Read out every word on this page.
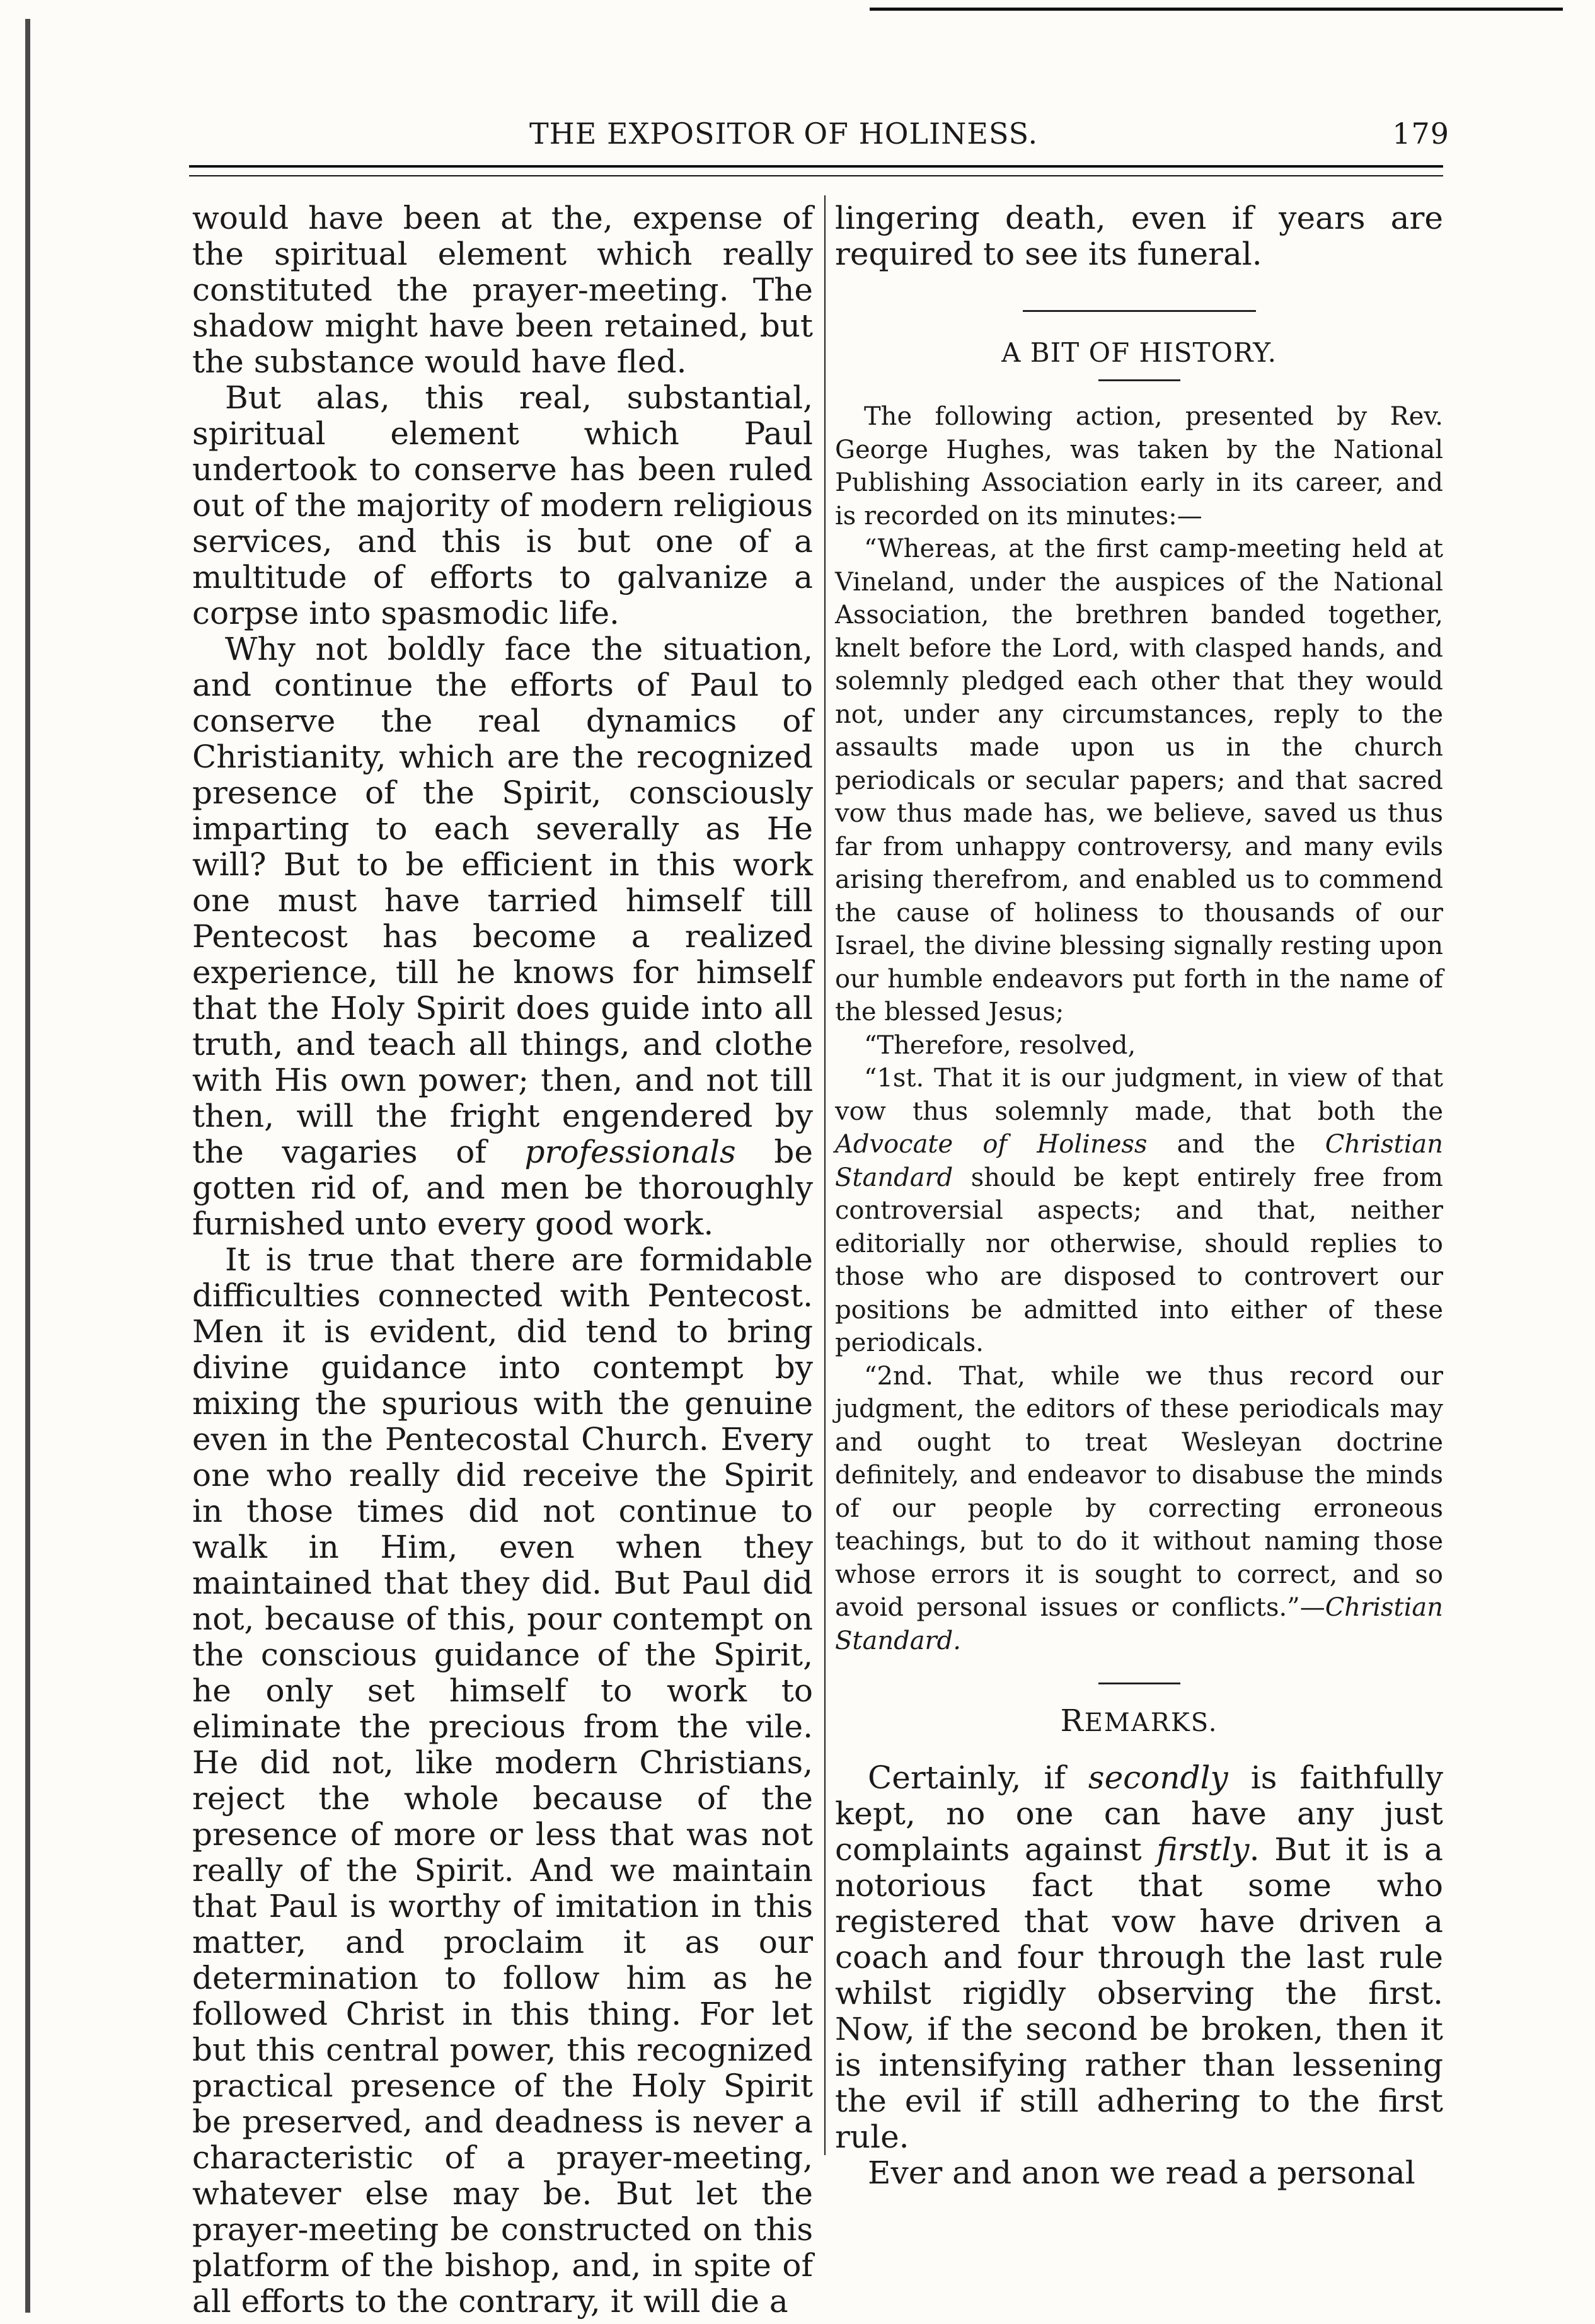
THE EXPOSITOR OF HOLINESS.	179

would have been at the, expense of the spiritual element which really constituted the prayer-meeting. The shadow might have been retained, but the substance would have fled.

But alas, this real, substantial, spiritual element which Paul undertook to conserve has been ruled out of the majority of modern religious services, and this is but one of a multitude of efforts to galvanize a corpse into spasmodic life.

Why not boldly face the situation, and continue the efforts of Paul to conserve the real dynamics of Christianity, which are the recognized presence of the Spirit, consciously imparting to each severally as He will? But to be efficient in this work one must have tarried himself till Pentecost has become a realized experience, till he knows for himself that the Holy Spirit does guide into all truth, and teach all things, and clothe with His own power; then, and not till then, will the fright engendered by the vagaries of professionals be gotten rid of, and men be thoroughly furnished unto every good work.

It is true that there are formidable difficulties connected with Pentecost. Men it is evident, did tend to bring divine guidance into contempt by mixing the spurious with the genuine even in the Pentecostal Church. Every one who really did receive the Spirit in those times did not continue to walk in Him, even when they maintained that they did. But Paul did not, because of this, pour contempt on the conscious guidance of the Spirit, he only set himself to work to eliminate the precious from the vile. He did not, like modern Christians, reject the whole because of the presence of more or less that was not really of the Spirit. And we maintain that Paul is worthy of imitation in this matter, and proclaim it as our determination to follow him as he followed Christ in this thing. For let but this central power, this recognized practical presence of the Holy Spirit be preserved, and deadness is never a characteristic of a prayer-meeting, whatever else may be. But let the prayer-meeting be constructed on this platform of the bishop, and, in spite of all efforts to the contrary, it will die a

lingering death, even if years are required to see its funeral.

A BIT OF HISTORY.

The following action, presented by Rev. George Hughes, was taken by the National Publishing Association early in its career, and is recorded on its minutes:—

“Whereas, at the first camp-meeting held at Vineland, under the auspices of the National Association, the brethren banded together, knelt before the Lord, with clasped hands, and solemnly pledged each other that they would not, under any circumstances, reply to the assaults made upon us in the church periodicals or secular papers; and that sacred vow thus made has, we believe, saved us thus far from unhappy controversy, and many evils arising therefrom, and enabled us to commend the cause of holiness to thousands of our Israel, the divine blessing signally resting upon our humble endeavors put forth in the name of the blessed Jesus;

“Therefore, resolved,

“1st. That it is our judgment, in view of that vow thus solemnly made, that both the Advocate of Holiness and the Christian Standard should be kept entirely free from controversial aspects; and that, neither editorially nor otherwise, should replies to those who are disposed to controvert our positions be admitted into either of these periodicals.

“2nd. That, while we thus record our judgment, the editors of these periodicals may and ought to treat Wesleyan doctrine definitely, and endeavor to disabuse the minds of our people by correcting erroneous teachings, but to do it without naming those whose errors it is sought to correct, and so avoid personal issues or conflicts.”—Christian Standard.

REMARKS.

Certainly, if secondly is faithfully kept, no one can have any just complaints against firstly. But it is a notorious fact that some who registered that vow have driven a coach and four through the last rule whilst rigidly observing the first. Now, if the second be broken, then it is intensifying rather than lessening the evil if still adhering to the first rule.

Ever and anon we read a personal
